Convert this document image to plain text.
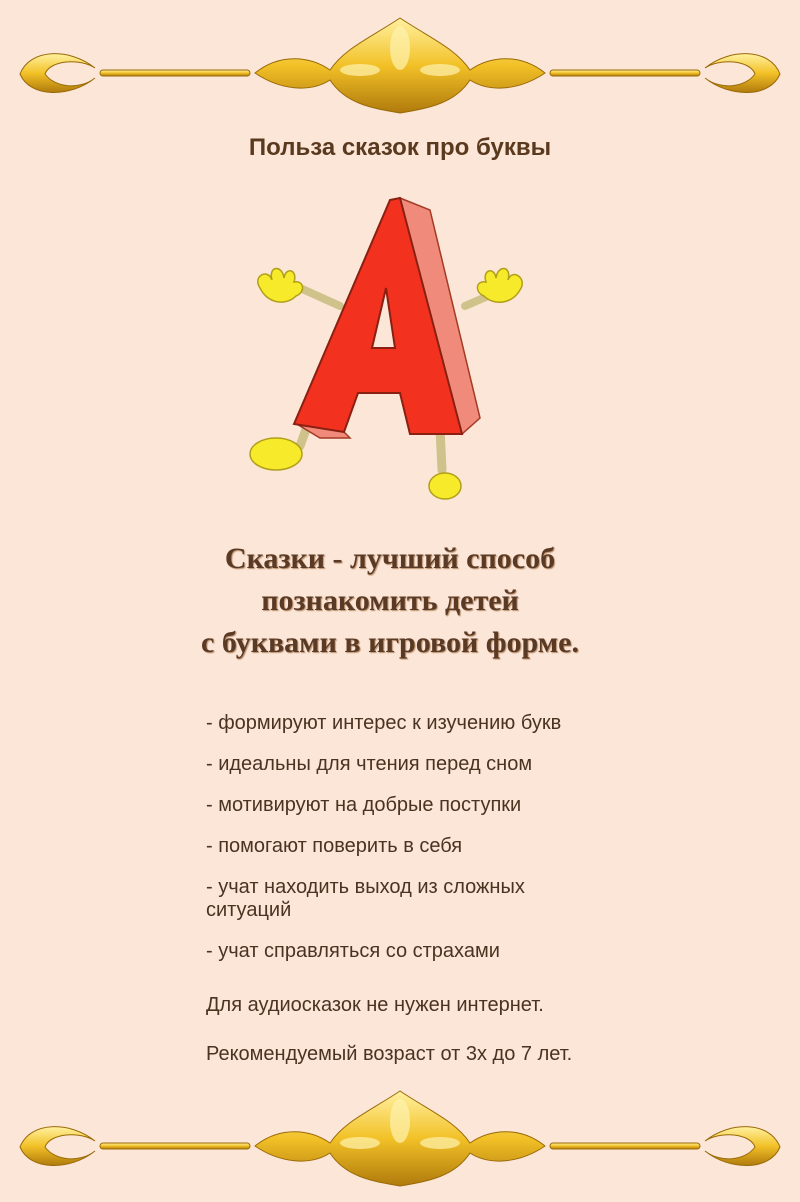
Польза сказок про буквы
Сказки - лучший способ
познакомить детей
с буквами в игровой форме.
- формируют интерес к изучению букв
- идеальны для чтения перед сном
- мотивируют на добрые поступки
- помогают поверить в себя
- учат находить выход из сложных ситуаций
- учат справляться со страхами

Для аудиосказок не нужен интернет.

Рекомендуемый возраст от 3х до 7 лет.
